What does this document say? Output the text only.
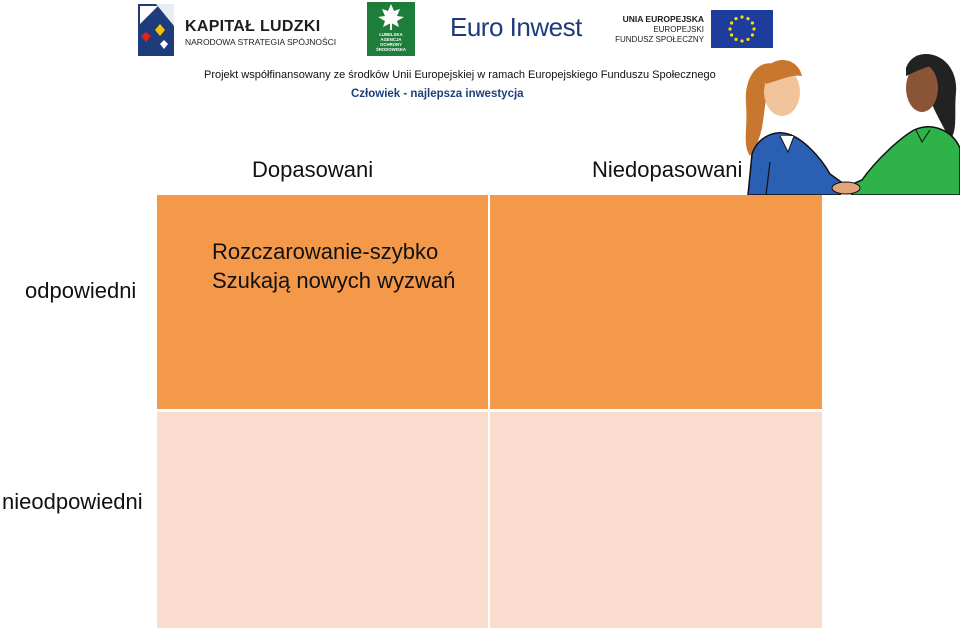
KAPITAŁ LUDZKI
NARODOWA STRATEGIA SPÓJNOŚCI
LUBELSKA
AGENCJA
OCHRONY
ŚRODOWISKA
Euro Inwest	UNIA EUROPEJSKA
EUROPEJSKI
FUNDUSZ SPOŁECZNY
Projekt współfinansowany ze środków Unii Europejskiej w ramach Europejskiego Funduszu Społecznego
Człowiek - najlepsza inwestycja
Dopasowani	Niedopasowani
odpowiedni
nieodpowiedni
Rozczarowanie-szybko
Szukają nowych wyzwań
